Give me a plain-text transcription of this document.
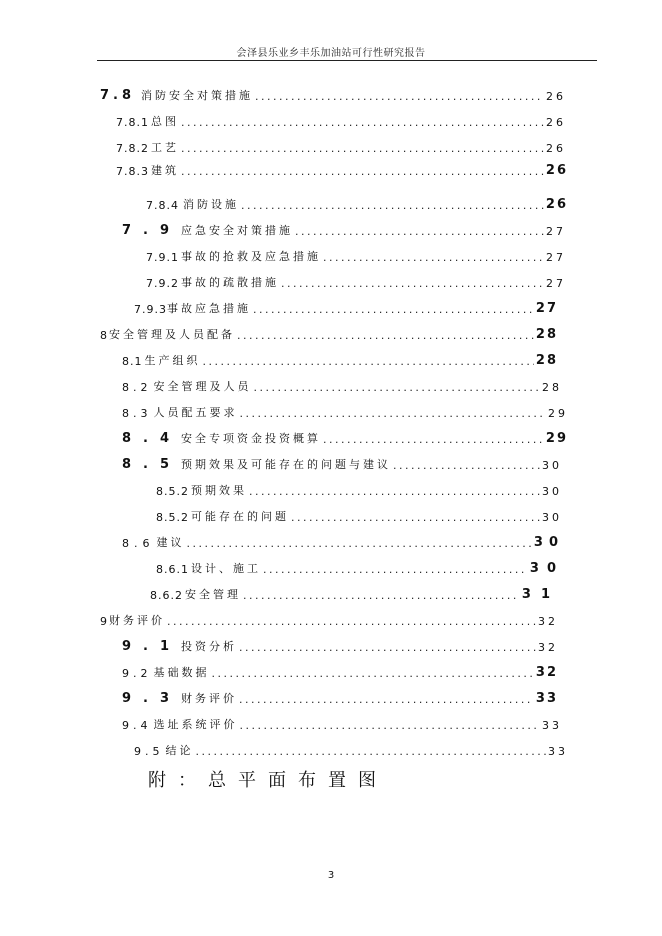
会泽县乐业乡丰乐加油站可行性研究报告
7.8 消防安全对策措施 .....	26
7.8.1 总图 .....	26
7.8.2 工艺 .....	26
7.8.3 建筑 .....	26
7.8.4 消防设施 .....	26
7.9 应急安全对策措施 .....	27
7.9.1 事故的抢救及应急措施 .....	27
7.9.2 事故的疏散措施 .....	27
7.9.3 事故应急措施 .....	27
8 安全管理及人员配备 .....	28
8.1 生产组织 .....	28
8.2 安全管理及人员 .....	28
8.3 人员配五要求 .....	29
8.4 安全专项资金投资概算 .....	29
8.5 预期效果及可能存在的问题与建议 .....	30
8.5.2 预期效果 .....	30
8.5.2 可能存在的问题 .....	30
8.6 建议 .....	30
8.6.1 设计、施工 .....	30
8.6.2 安全管理 .....	31
9 财务评价 .....	32
9.1 投资分析 .....	32
9.2 基础数据 .....	32
9.3 财务评价 .....	33
9.4 选址系统评价 .....	33
9.5 结论 .....	33
附：总平面布置图
3
